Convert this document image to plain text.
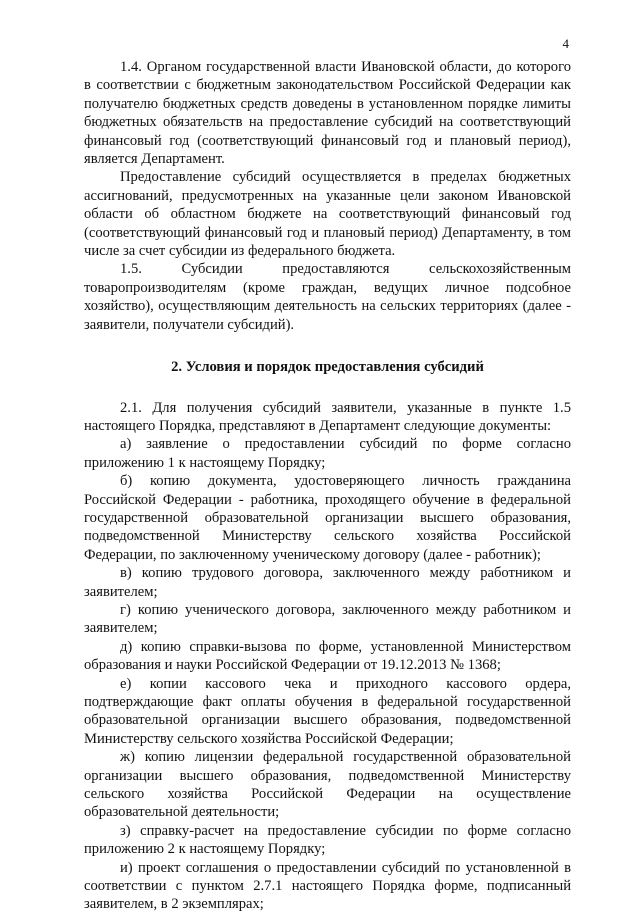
4

1.4. Органом государственной власти Ивановской области, до которого в соответствии с бюджетным законодательством Российской Федерации как получателю бюджетных средств доведены в установленном порядке лимиты бюджетных обязательств на предоставление субсидий на соответствующий финансовый год (соответствующий финансовый год и плановый период), является Департамент.

Предоставление субсидий осуществляется в пределах бюджетных ассигнований, предусмотренных на указанные цели законом Ивановской области об областном бюджете на соответствующий финансовый год (соответствующий финансовый год и плановый период) Департаменту, в том числе за счет субсидии из федерального бюджета.

1.5. Субсидии предоставляются сельскохозяйственным товаропроизводителям (кроме граждан, ведущих личное подсобное хозяйство), осуществляющим деятельность на сельских территориях (далее - заявители, получатели субсидий).

2. Условия и порядок предоставления субсидий

2.1. Для получения субсидий заявители, указанные в пункте 1.5 настоящего Порядка, представляют в Департамент следующие документы:

а) заявление о предоставлении субсидий по форме согласно приложению 1 к настоящему Порядку;

б) копию документа, удостоверяющего личность гражданина Российской Федерации - работника, проходящего обучение в федеральной государственной образовательной организации высшего образования, подведомственной Министерству сельского хозяйства Российской Федерации, по заключенному ученическому договору (далее - работник);

в) копию трудового договора, заключенного между работником и заявителем;

г) копию ученического договора, заключенного между работником и заявителем;

д) копию справки-вызова по форме, установленной Министерством образования и науки Российской Федерации от 19.12.2013 № 1368;

е) копии кассового чека и приходного кассового ордера, подтверждающие факт оплаты обучения в федеральной государственной образовательной организации высшего образования, подведомственной Министерству сельского хозяйства Российской Федерации;

ж) копию лицензии федеральной государственной образовательной организации высшего образования, подведомственной Министерству сельского хозяйства Российской Федерации на осуществление образовательной деятельности;

з) справку-расчет на предоставление субсидии по форме согласно приложению 2 к настоящему Порядку;

и) проект соглашения о предоставлении субсидий по установленной в соответствии с пунктом 2.7.1 настоящего Порядка форме, подписанный заявителем, в 2 экземплярах;
